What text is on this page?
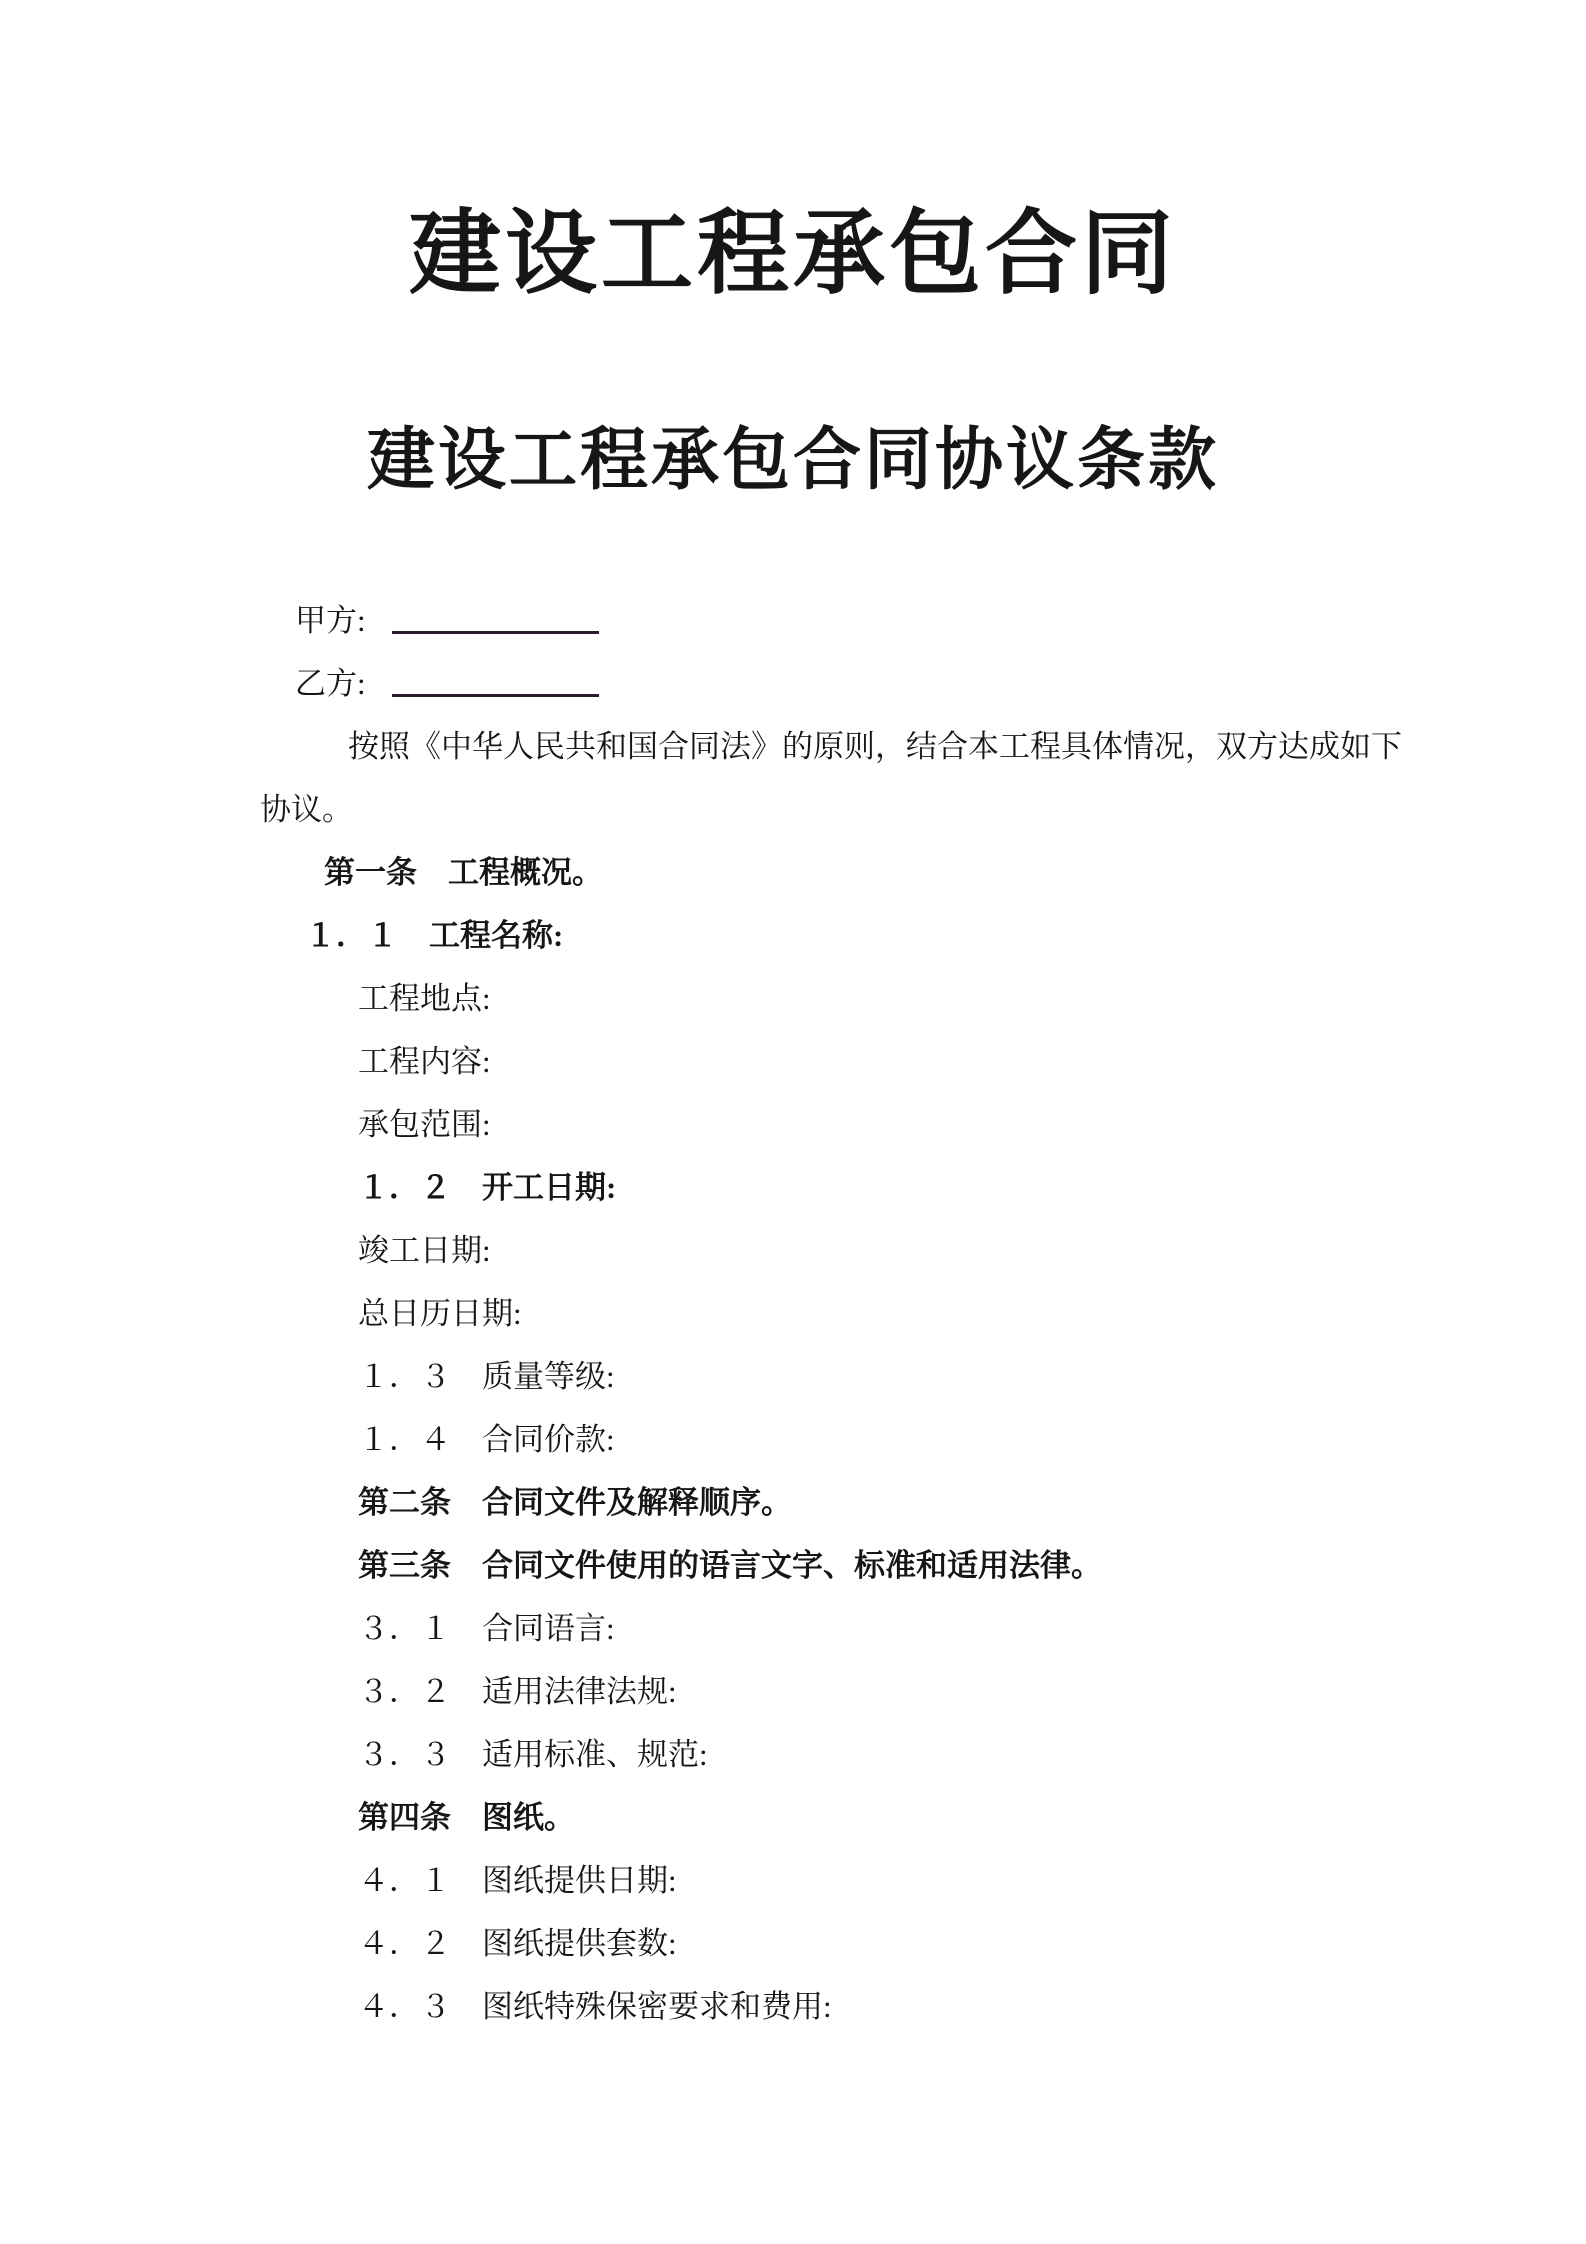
建设工程承包合同
建设工程承包合同协议条款
甲方:
乙方:
按照《中华人民共和国合同法》的原则，结合本工程具体情况，双方达成如下
协议。
第一条　工程概况。
１．１　工程名称:
工程地点:
工程内容:
承包范围:
１．２　开工日期:
竣工日期:
总日历日期:
１．３　质量等级:
１．４　合同价款:
第二条　合同文件及解释顺序。
第三条　合同文件使用的语言文字、标准和适用法律。
３．１　合同语言:
３．２　适用法律法规:
３．３　适用标准、规范:
第四条　图纸。
４．１　图纸提供日期:
４．２　图纸提供套数:
４．３　图纸特殊保密要求和费用:
